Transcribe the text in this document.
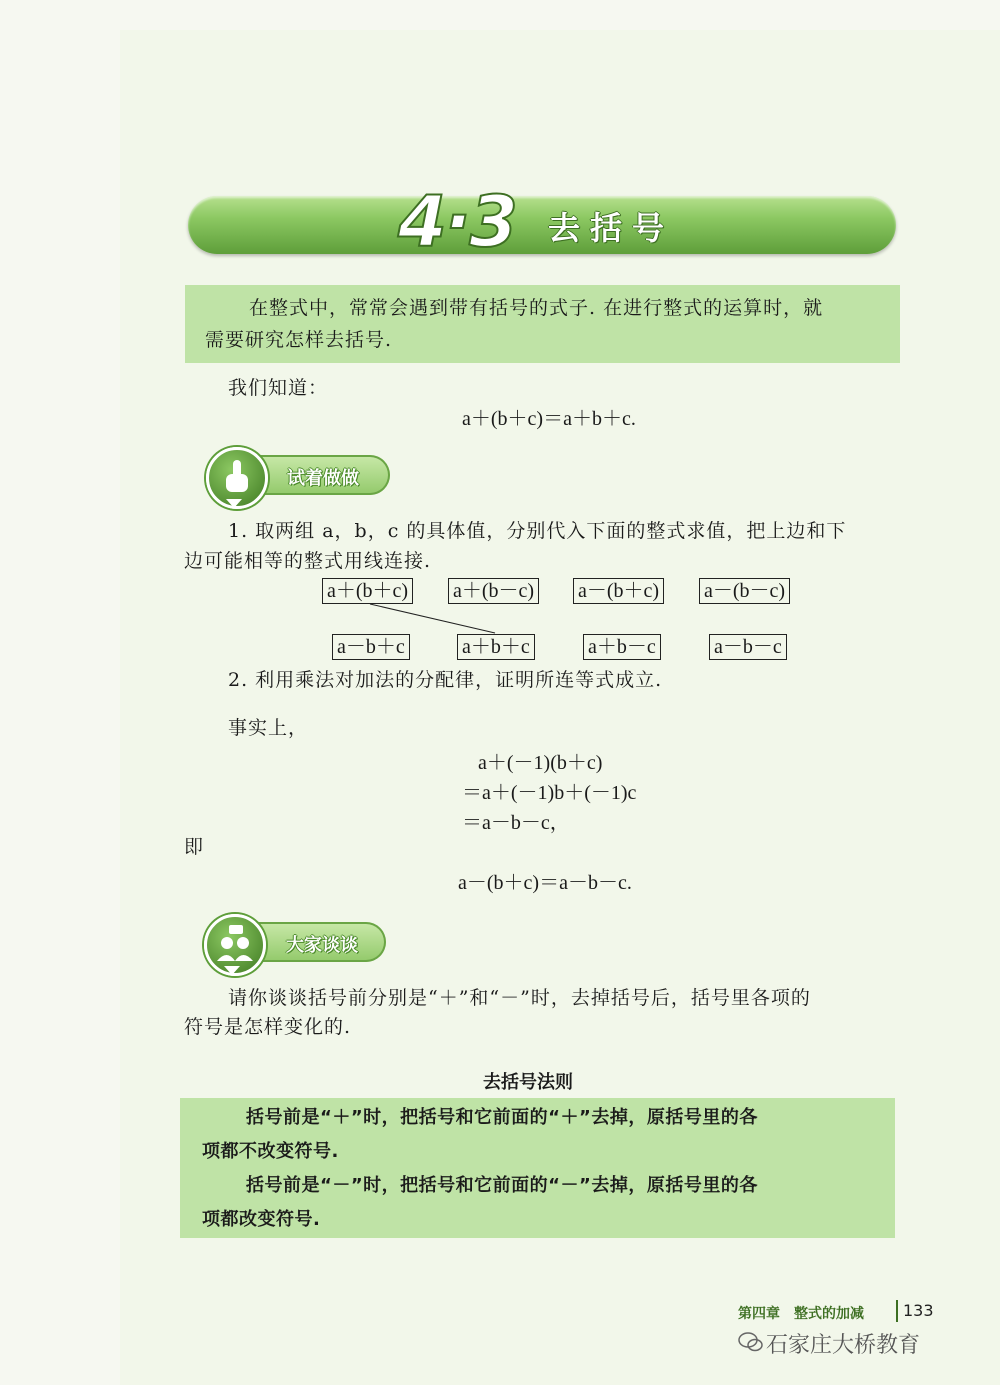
4·3 去括号
在整式中，常常会遇到带有括号的式子. 在进行整式的运算时，就
需要研究怎样去括号.
我们知道：
a＋(b＋c)＝a＋b＋c.
试着做做
1. 取两组 a，b，c 的具体值，分别代入下面的整式求值，把上边和下
边可能相等的整式用线连接.
a＋(b＋c) a＋(b－c) a－(b＋c) a－(b－c)
a－b＋c	a＋b＋c	a＋b－c	a－b－c
2. 利用乘法对加法的分配律，证明所连等式成立.
事实上，
a＋(－1)(b＋c)
＝a＋(－1)b＋(－1)c
＝a－b－c，
即
a－(b＋c)＝a－b－c.
大家谈谈
请你谈谈括号前分别是“＋”和“－”时，去掉括号后，括号里各项的
符号是怎样变化的.
去括号法则
括号前是“＋”时，把括号和它前面的“＋”去掉，原括号里的各
项都不改变符号.
括号前是“－”时，把括号和它前面的“－”去掉，原括号里的各
项都改变符号.
第四章　整式的加减 133
石家庄大桥教育
